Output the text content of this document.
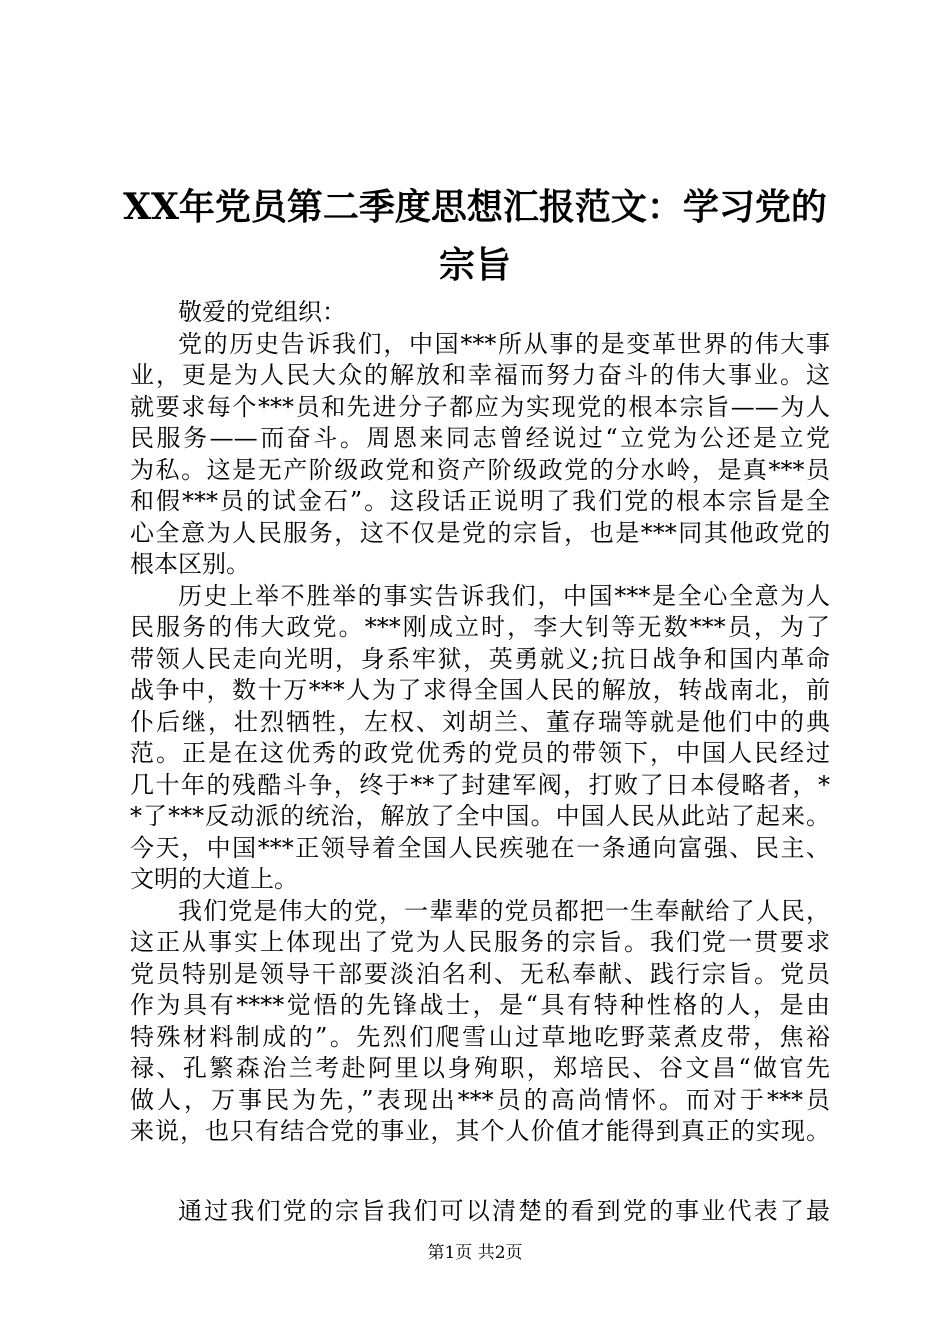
XX年党员第二季度思想汇报范文：学习党的
宗旨
敬爱的党组织：
党的历史告诉我们，中国***所从事的是变革世界的伟大事
业，更是为人民大众的解放和幸福而努力奋斗的伟大事业。这
就要求每个***员和先进分子都应为实现党的根本宗旨——为人
民服务——而奋斗。周恩来同志曾经说过“立党为公还是立党
为私。这是无产阶级政党和资产阶级政党的分水岭，是真***员
和假***员的试金石”。这段话正说明了我们党的根本宗旨是全
心全意为人民服务，这不仅是党的宗旨，也是***同其他政党的
根本区别。
历史上举不胜举的事实告诉我们，中国***是全心全意为人
民服务的伟大政党。***刚成立时，李大钊等无数***员，为了
带领人民走向光明，身系牢狱，英勇就义;抗日战争和国内革命
战争中，数十万***人为了求得全国人民的解放，转战南北，前
仆后继，壮烈牺牲，左权、刘胡兰、董存瑞等就是他们中的典
范。正是在这优秀的政党优秀的党员的带领下，中国人民经过
几十年的残酷斗争，终于**了封建军阀，打败了日本侵略者，*
*了***反动派的统治，解放了全中国。中国人民从此站了起来。
今天，中国***正领导着全国人民疾驰在一条通向富强、民主、
文明的大道上。
我们党是伟大的党，一辈辈的党员都把一生奉献给了人民，
这正从事实上体现出了党为人民服务的宗旨。我们党一贯要求
党员特别是领导干部要淡泊名利、无私奉献、践行宗旨。党员
作为具有****觉悟的先锋战士，是“具有特种性格的人，是由
特殊材料制成的”。先烈们爬雪山过草地吃野菜煮皮带，焦裕
禄、孔繁森治兰考赴阿里以身殉职，郑培民、谷文昌“做官先
做人，万事民为先，”表现出***员的高尚情怀。而对于***员
来说，也只有结合党的事业，其个人价值才能得到真正的实现。
通过我们党的宗旨我们可以清楚的看到党的事业代表了最
第1页 共2页
